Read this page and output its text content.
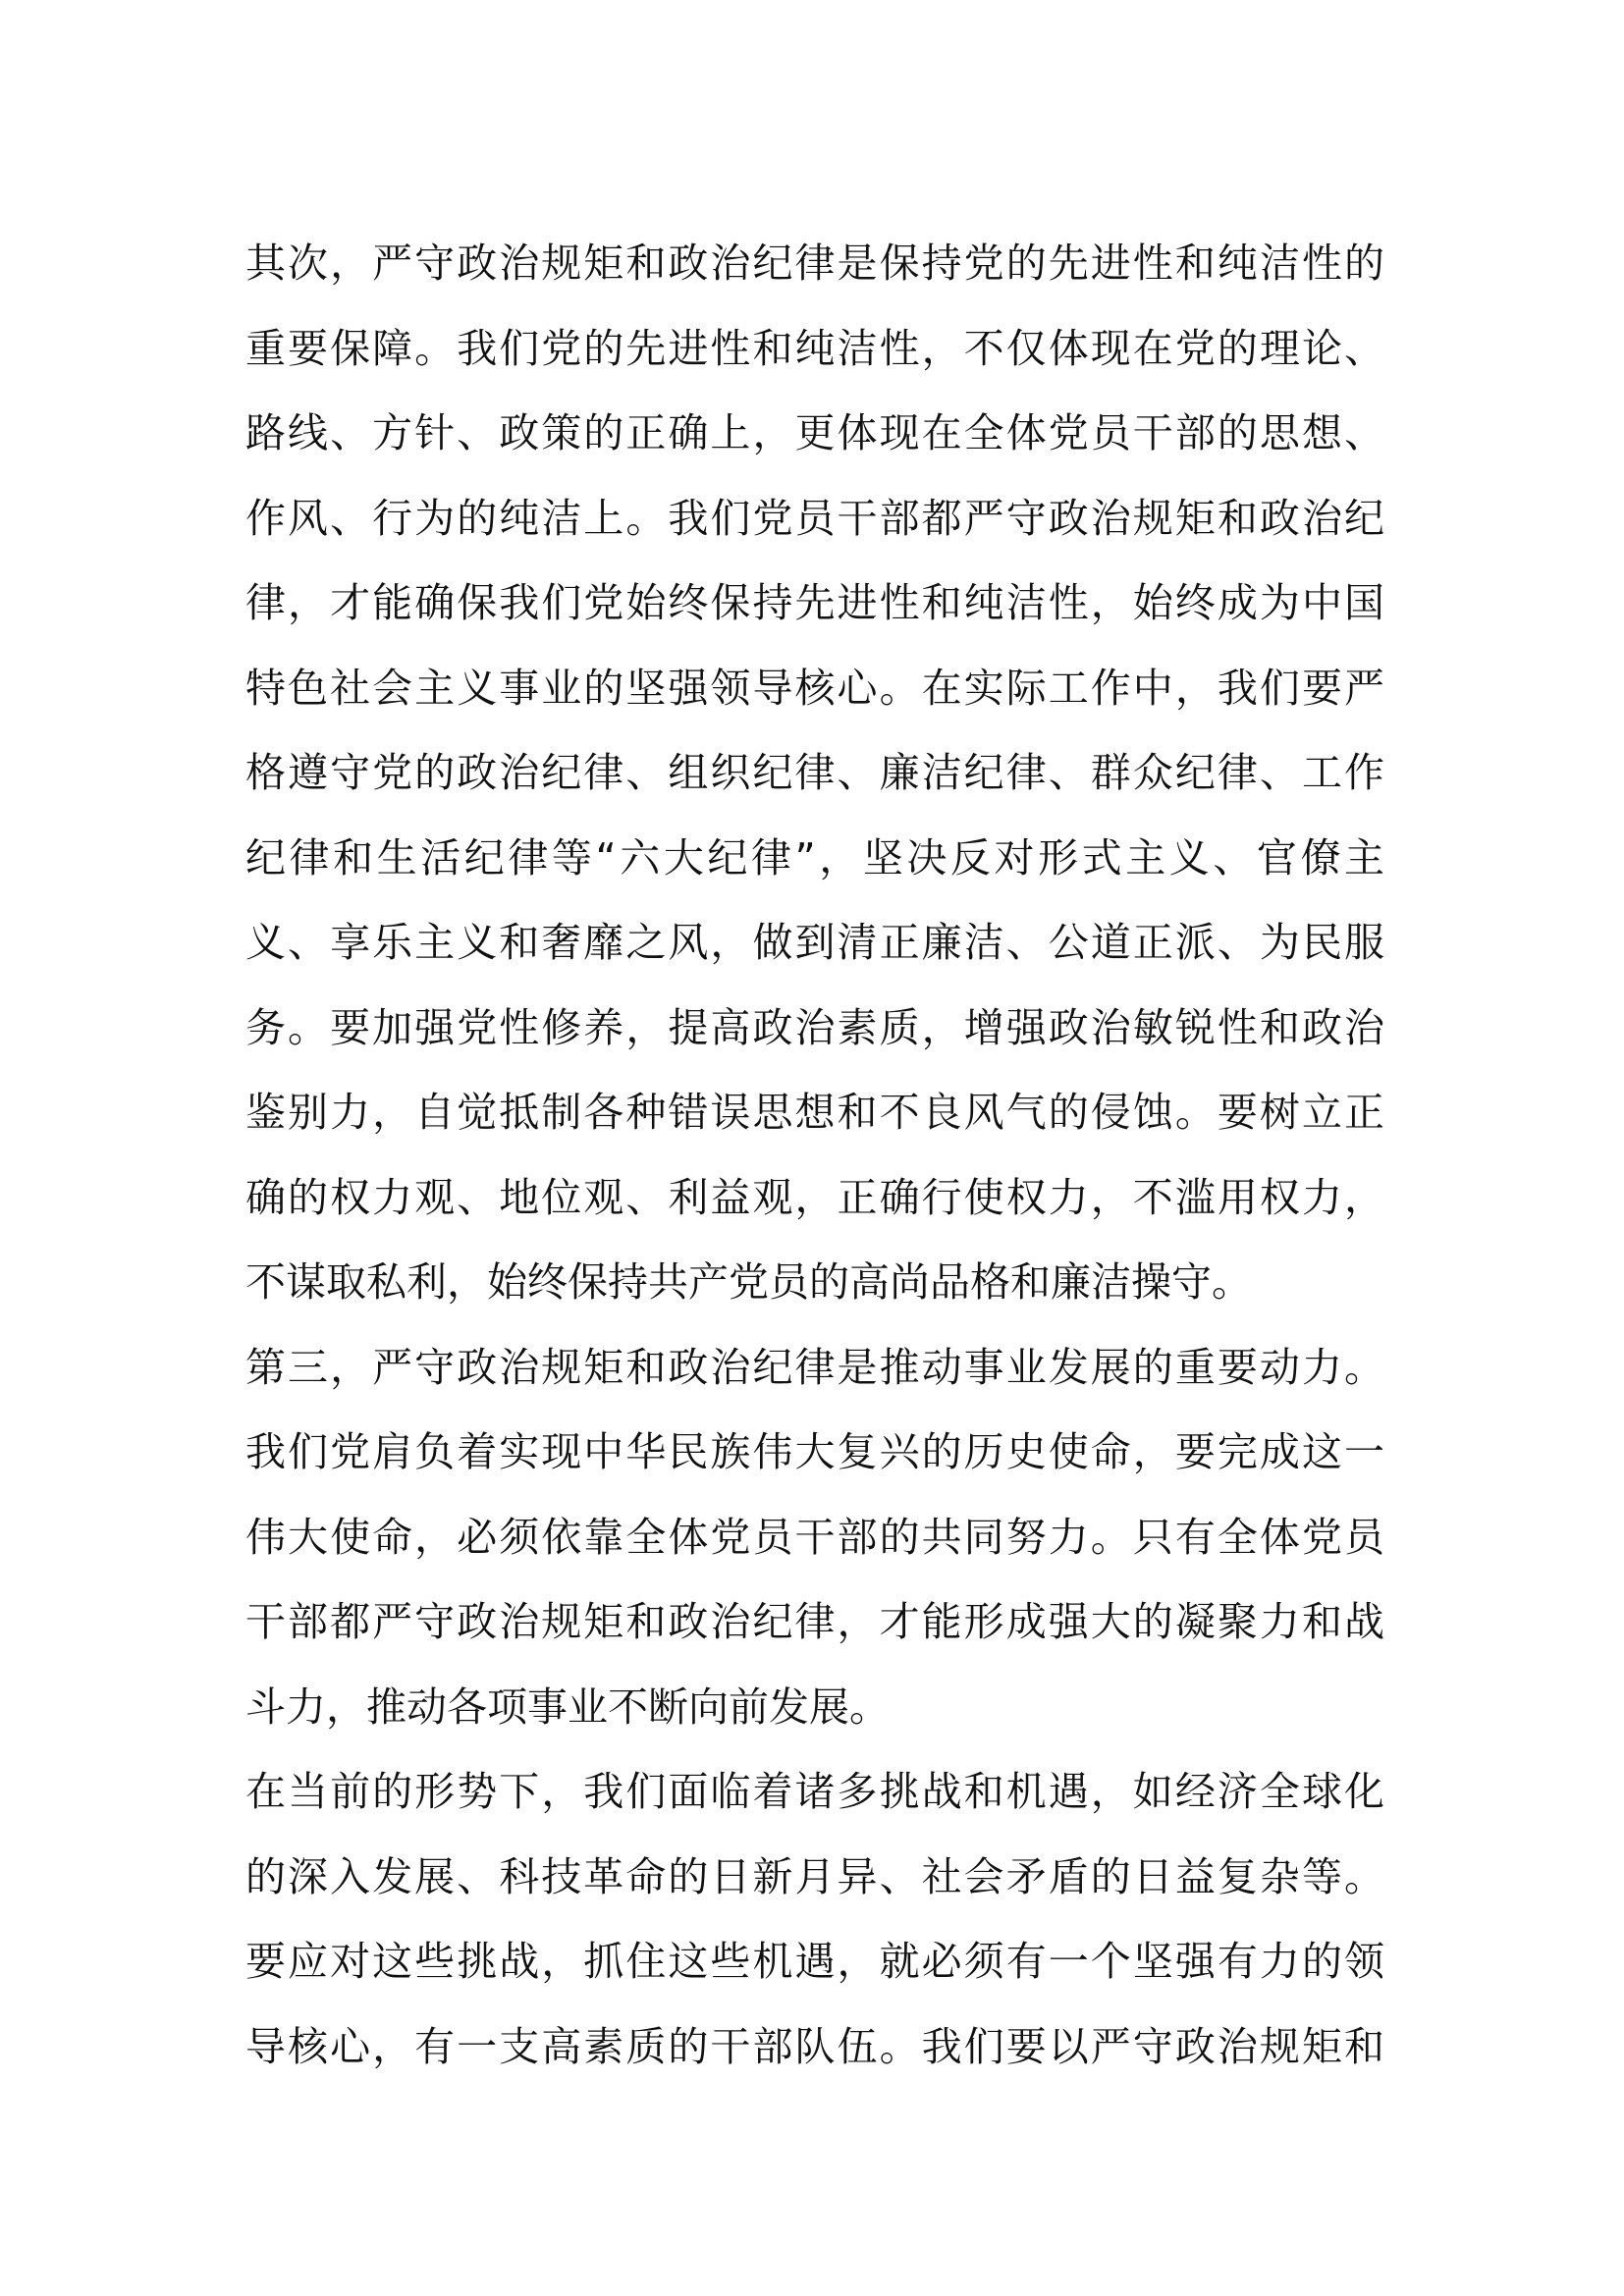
其次，严守政治规矩和政治纪律是保持党的先进性和纯洁性的
重要保障。我们党的先进性和纯洁性，不仅体现在党的理论、
路线、方针、政策的正确上，更体现在全体党员干部的思想、
作风、行为的纯洁上。我们党员干部都严守政治规矩和政治纪
律，才能确保我们党始终保持先进性和纯洁性，始终成为中国
特色社会主义事业的坚强领导核心。在实际工作中，我们要严
格遵守党的政治纪律、组织纪律、廉洁纪律、群众纪律、工作
纪律和生活纪律等“六大纪律”，坚决反对形式主义、官僚主
义、享乐主义和奢靡之风，做到清正廉洁、公道正派、为民服
务。要加强党性修养，提高政治素质，增强政治敏锐性和政治
鉴别力，自觉抵制各种错误思想和不良风气的侵蚀。要树立正
确的权力观、地位观、利益观，正确行使权力，不滥用权力，
不谋取私利，始终保持共产党员的高尚品格和廉洁操守。
第三，严守政治规矩和政治纪律是推动事业发展的重要动力。
我们党肩负着实现中华民族伟大复兴的历史使命，要完成这一
伟大使命，必须依靠全体党员干部的共同努力。只有全体党员
干部都严守政治规矩和政治纪律，才能形成强大的凝聚力和战
斗力，推动各项事业不断向前发展。
在当前的形势下，我们面临着诸多挑战和机遇，如经济全球化
的深入发展、科技革命的日新月异、社会矛盾的日益复杂等。
要应对这些挑战，抓住这些机遇，就必须有一个坚强有力的领
导核心，有一支高素质的干部队伍。我们要以严守政治规矩和
